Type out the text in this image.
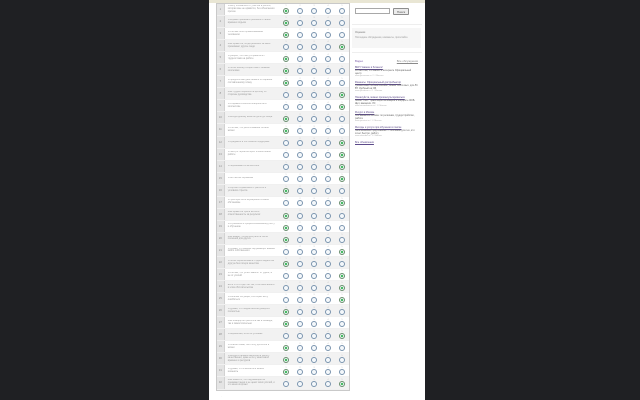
1
Я могу отказаться от участия в работе, которая мне не нравится, без объяснения причин
1	2	3	4	5
2
Я вправе принимать решения о своём времени отдыха
1	2	3	4	5
3
Я считаю себя организованным человеком
1	2	3	4	5
4
Мне нравится, когда решения за меня принимают другие люди
1	2	3	4	5
5
Я уверен, что смогу справиться с трудностями на работе
1	2	3	4	5
6
Я легко нахожу общий язык с новыми коллегами
1	2	3	4	5
7
Я предпочитаю действовать по заранее составленному плану
1	2	3	4	5
8
Мне трудно переносить критику со стороны руководства
1	2	3	4	5
9
Я стараюсь избегать конфликтов в коллективе
1	2	3	4	5
10	Я всегда довожу начатое дело до конца
1	2	3	4	5
11
Я считаю, что работа важнее личной жизни
1	2	3	4	5
12	Я нуждаюсь в постоянной поддержке
1	2	3	4	5
13
Я быстро теряю интерес к монотонной работе
1	2	3	4	5
14	Я переживаю из-за мелочей
1	2	3	4	5
15	Я не люблю перемены
1	2	3	4	5
16
Я хорошо справляюсь с работой в условиях стресса
1	2	3	4	5
17
Я чувствую себя неуверенно в новой обстановке
1	2	3	4	5
18
Мне нравится брать на себя ответственность за результат
1	2	3	4	5
19
Я стремлюсь к профессиональному росту и обучению
1	2	3	4	5
20
Мне важно, чтобы моя работа была полезной для других
1	2	3	4	5
21
Я думаю, что мнение окружающих важнее моего собственного
1	2	3	4	5
22
Я легко переключаюсь с одной задачи на другую без потери качества
1	2	3	4	5
23
Я считаю, что успех зависит от удачи, а не от усилий
1	2	3	4	5
24
Если что-то идёт не так, я склонен винить в этом обстоятельства
1	2	3	4	5
25
Я избегаю ситуаций, в которых могу ошибиться
1	2	3	4	5
26
Я думаю, что людям нельзя доверять полностью
1	2	3	4	5
27
Мне комфортно работать как в команде, так и самостоятельно
1	2	3	4	5
28	Я нервничаю, если не успеваю
1	2	3	4	5
29
Я обычно знаю, чего хочу добиться в жизни
1	2	3	4	5
30
Я всегда стараюсь выполнить работу качественно, даже если у меня мало времени и ресурсов
1	2	3	4	5
31
Я думаю, что в жизни всё можно изменить
1	2	3	4	5
32
Мне кажется, что окружающие не понимают меня и не ценят моих усилий, и это меня огорчает
1	2	3	4	5
·
Поиск
Оценки
Последние обсуждения, комменты, прочитайте
Видео	Все обсуждения
ВКР Главное в бизнесе!
Я счастлив, что нашёл в интернете Официальный центр
www.yourname.ru / 1 / Москва
Финансы. Официальный дистрибьютор
Тренинговый Личный кабинет, новые ОКВ в вып. для ЛС ВТ. Удобный на ОБ
www.yourdom.ru / 1 / Москва
Пожалуйста, можно проконсультироваться
Лично. Пост: трансляции вебинаров в Ферзрите ФОБ. Щёт, вакансии. ЛС
www.zmomdomain.ru / 1 / Москва
Ресурс в Москве
Это вакансия Москва: по регионам, трудоустройство, работа
www.yourtest.ru / 1 / Москва
Методы и услуги при обучении в поиске
Эксклюзивное предложение — особенно для тех, кто хочет быстро, работу
www.zlovodel.ru / 1 / Москва
Все объявления
